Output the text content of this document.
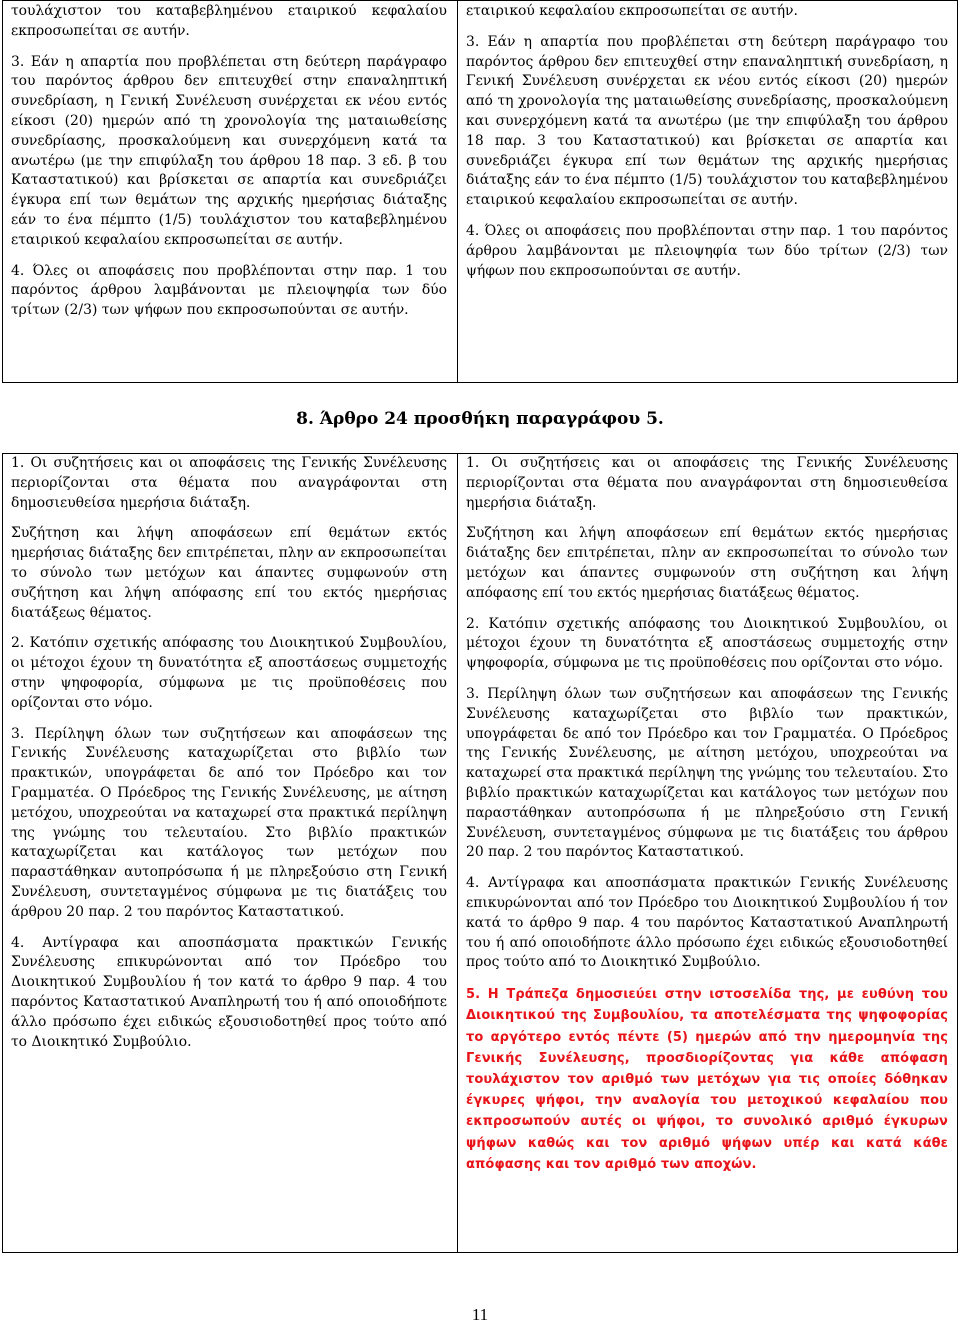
τουλάχιστον του καταβεβλημένου εταιρικού κεφαλαίου εκπροσωπείται σε αυτήν.

3. Εάν η απαρτία που προβλέπεται στη δεύτερη παράγραφο του παρόντος άρθρου δεν επιτευχθεί στην επαναληπτική συνεδρίαση, η Γενική Συνέλευση συνέρχεται εκ νέου εντός είκοσι (20) ημερών από τη χρονολογία της ματαιωθείσης συνεδρίασης, προσκαλούμενη και συνερχόμενη κατά τα ανωτέρω (με την επιφύλαξη του άρθρου 18 παρ. 3 εδ. β του Καταστατικού) και βρίσκεται σε απαρτία και συνεδριάζει έγκυρα επί των θεμάτων της αρχικής ημερήσιας διάταξης εάν το ένα πέμπτο (1/5) τουλάχιστον του καταβεβλημένου εταιρικού κεφαλαίου εκπροσωπείται σε αυτήν.

4. Όλες οι αποφάσεις που προβλέπονται στην παρ. 1 του παρόντος άρθρου λαμβάνονται με πλειοψηφία των δύο τρίτων (2/3) των ψήφων που εκπροσωπούνται σε αυτήν.

εταιρικού κεφαλαίου εκπροσωπείται σε αυτήν.

3. Εάν η απαρτία που προβλέπεται στη δεύτερη παράγραφο του παρόντος άρθρου δεν επιτευχθεί στην επαναληπτική συνεδρίαση, η Γενική Συνέλευση συνέρχεται εκ νέου εντός είκοσι (20) ημερών από τη χρονολογία της ματαιωθείσης συνεδρίασης, προσκαλούμενη και συνερχόμενη κατά τα ανωτέρω (με την επιφύλαξη του άρθρου 18 παρ. 3 του Καταστατικού) και βρίσκεται σε απαρτία και συνεδριάζει έγκυρα επί των θεμάτων της αρχικής ημερήσιας διάταξης εάν το ένα πέμπτο (1/5) τουλάχιστον του καταβεβλημένου εταιρικού κεφαλαίου εκπροσωπείται σε αυτήν.

4. Όλες οι αποφάσεις που προβλέπονται στην παρ. 1 του παρόντος άρθρου λαμβάνονται με πλειοψηφία των δύο τρίτων (2/3) των ψήφων που εκπροσωπούνται σε αυτήν.

8. Άρθρο 24 προσθήκη παραγράφου 5.

1. Οι συζητήσεις και οι αποφάσεις της Γενικής Συνέλευσης περιορίζονται στα θέματα που αναγράφονται στη δημοσιευθείσα ημερήσια διάταξη.

Συζήτηση και λήψη αποφάσεων επί θεμάτων εκτός ημερήσιας διάταξης δεν επιτρέπεται, πλην αν εκπροσωπείται το σύνολο των μετόχων και άπαντες συμφωνούν στη συζήτηση και λήψη απόφασης επί του εκτός ημερήσιας διατάξεως θέματος.

2. Κατόπιν σχετικής απόφασης του Διοικητικού Συμβουλίου, οι μέτοχοι έχουν τη δυνατότητα εξ αποστάσεως συμμετοχής στην ψηφοφορία, σύμφωνα με τις προϋποθέσεις που ορίζονται στο νόμο.

3. Περίληψη όλων των συζητήσεων και αποφάσεων της Γενικής Συνέλευσης καταχωρίζεται στο βιβλίο των πρακτικών, υπογράφεται δε από τον Πρόεδρο και τον Γραμματέα. Ο Πρόεδρος της Γενικής Συνέλευσης, με αίτηση μετόχου, υποχρεούται να καταχωρεί στα πρακτικά περίληψη της γνώμης του τελευταίου. Στο βιβλίο πρακτικών καταχωρίζεται και κατάλογος των μετόχων που παραστάθηκαν αυτοπρόσωπα ή με πληρεξούσιο στη Γενική Συνέλευση, συντεταγμένος σύμφωνα με τις διατάξεις του άρθρου 20 παρ. 2 του παρόντος Καταστατικού.

4. Αντίγραφα και αποσπάσματα πρακτικών Γενικής Συνέλευσης επικυρώνονται από τον Πρόεδρο του Διοικητικού Συμβουλίου ή τον κατά το άρθρο 9 παρ. 4 του παρόντος Καταστατικού Αναπληρωτή του ή από οποιοδήποτε άλλο πρόσωπο έχει ειδικώς εξουσιοδοτηθεί προς τούτο από το Διοικητικό Συμβούλιο.

1. Οι συζητήσεις και οι αποφάσεις της Γενικής Συνέλευσης περιορίζονται στα θέματα που αναγράφονται στη δημοσιευθείσα ημερήσια διάταξη.

Συζήτηση και λήψη αποφάσεων επί θεμάτων εκτός ημερήσιας διάταξης δεν επιτρέπεται, πλην αν εκπροσωπείται το σύνολο των μετόχων και άπαντες συμφωνούν στη συζήτηση και λήψη απόφασης επί του εκτός ημερήσιας διατάξεως θέματος.

2. Κατόπιν σχετικής απόφασης του Διοικητικού Συμβουλίου, οι μέτοχοι έχουν τη δυνατότητα εξ αποστάσεως συμμετοχής στην ψηφοφορία, σύμφωνα με τις προϋποθέσεις που ορίζονται στο νόμο.

3. Περίληψη όλων των συζητήσεων και αποφάσεων της Γενικής Συνέλευσης καταχωρίζεται στο βιβλίο των πρακτικών, υπογράφεται δε από τον Πρόεδρο και τον Γραμματέα. Ο Πρόεδρος της Γενικής Συνέλευσης, με αίτηση μετόχου, υποχρεούται να καταχωρεί στα πρακτικά περίληψη της γνώμης του τελευταίου. Στο βιβλίο πρακτικών καταχωρίζεται και κατάλογος των μετόχων που παραστάθηκαν αυτοπρόσωπα ή με πληρεξούσιο στη Γενική Συνέλευση, συντεταγμένος σύμφωνα με τις διατάξεις του άρθρου 20 παρ. 2 του παρόντος Καταστατικού.

4. Αντίγραφα και αποσπάσματα πρακτικών Γενικής Συνέλευσης επικυρώνονται από τον Πρόεδρο του Διοικητικού Συμβουλίου ή τον κατά το άρθρο 9 παρ. 4 του παρόντος Καταστατικού Αναπληρωτή του ή από οποιοδήποτε άλλο πρόσωπο έχει ειδικώς εξουσιοδοτηθεί προς τούτο από το Διοικητικό Συμβούλιο.

5. Η Τράπεζα δημοσιεύει στην ιστοσελίδα της, με ευθύνη του Διοικητικού της Συμβουλίου, τα αποτελέσματα της ψηφοφορίας το αργότερο εντός πέντε (5) ημερών από την ημερομηνία της Γενικής Συνέλευσης, προσδιορίζοντας για κάθε απόφαση τουλάχιστον τον αριθμό των μετόχων για τις οποίες δόθηκαν έγκυρες ψήφοι, την αναλογία του μετοχικού κεφαλαίου που εκπροσωπούν αυτές οι ψήφοι, το συνολικό αριθμό έγκυρων ψήφων καθώς και τον αριθμό ψήφων υπέρ και κατά κάθε απόφασης και τον αριθμό των αποχών.

11
